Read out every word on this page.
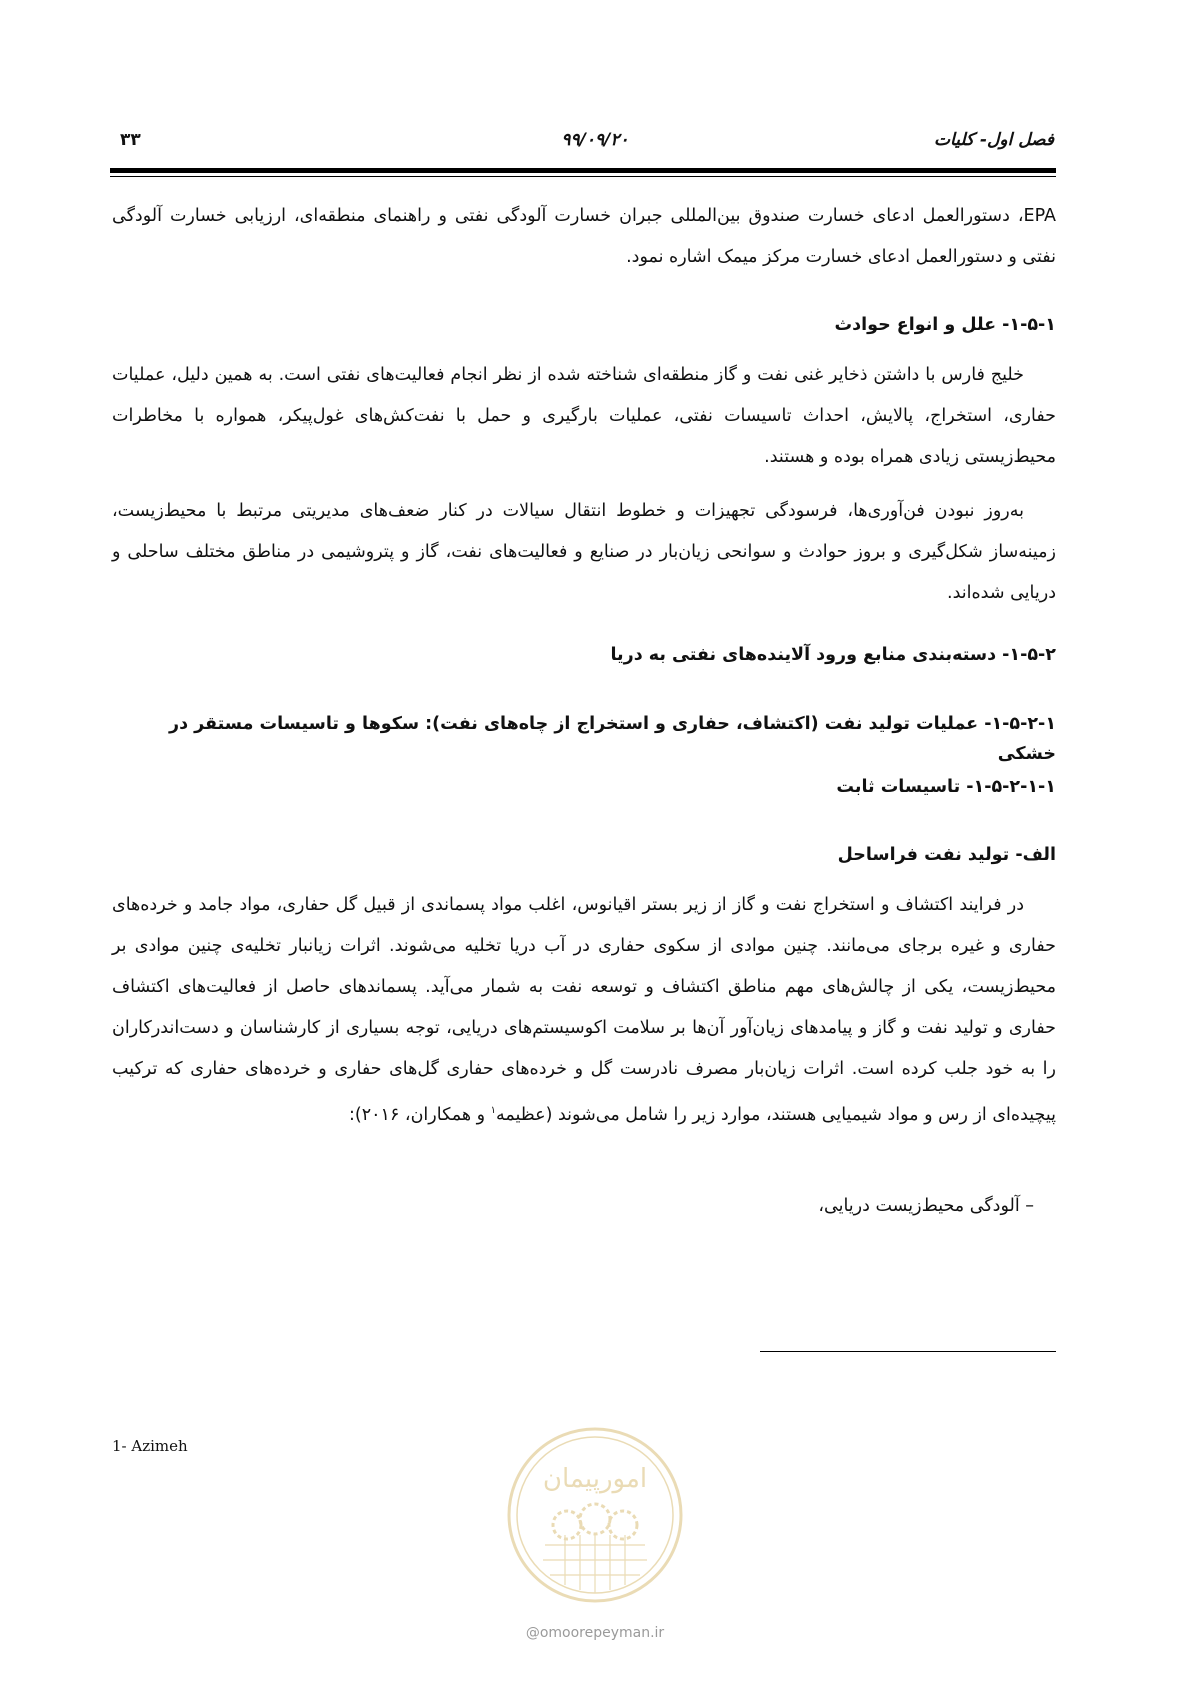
فصل اول- کلیات
۹۹/۰۹/۲۰
۳۳

EPA، دستورالعمل ادعای خسارت صندوق بین‌المللی جبران خسارت آلودگی نفتی و راهنمای منطقه‌ای، ارزیابی خسارت آلودگی نفتی و دستورالعمل ادعای خسارت مرکز میمک اشاره نمود.

۱-۵-۱- علل و انواع حوادث

خلیج فارس با داشتن ذخایر غنی نفت و گاز منطقه‌ای شناخته شده از نظر انجام فعالیت‌های نفتی است. به همین دلیل، عملیات حفاری، استخراج، پالایش، احداث تاسیسات نفتی، عملیات بارگیری و حمل با نفت‌کش‌های غول‌پیکر، همواره با مخاطرات محیط‌زیستی زیادی همراه بوده و هستند.

به‌روز نبودن فن‌آوری‌ها، فرسودگی تجهیزات و خطوط انتقال سیالات در کنار ضعف‌های مدیریتی مرتبط با محیط‌زیست، زمینه‌ساز شکل‌گیری و بروز حوادث و سوانحی زیان‌بار در صنایع و فعالیت‌های نفت، گاز و پتروشیمی در مناطق مختلف ساحلی و دریایی شده‌اند.

۱-۵-۲- دسته‌بندی منابع ورود آلاینده‌های نفتی به دریا

۱-۵-۲-۱- عملیات تولید نفت (اکتشاف، حفاری و استخراج از چاه‌های نفت): سکوها و تاسیسات مستقر در خشکی

۱-۵-۲-۱-۱- تاسیسات ثابت

الف- تولید نفت فراساحل

در فرایند اکتشاف و استخراج نفت و گاز از زیر بستر اقیانوس، اغلب مواد پسماندی از قبیل گل حفاری، مواد جامد و خرده‌های حفاری و غیره برجای می‌مانند. چنین موادی از سکوی حفاری در آب دریا تخلیه می‌شوند. اثرات زیانبار تخلیه‌ی چنین موادی بر محیط‌زیست، یکی از چالش‌های مهم مناطق اکتشاف و توسعه نفت به شمار می‌آید. پسماندهای حاصل از فعالیت‌های اکتشاف حفاری و تولید نفت و گاز و پیامدهای زیان‌آور آن‌ها بر سلامت اکوسیستم‌های دریایی، توجه بسیاری از کارشناسان و دست‌اندرکاران را به خود جلب کرده است. اثرات زیان‌بار مصرف نادرست گل و خرده‌های حفاری گل‌های حفاری و خرده‌های حفاری که ترکیب پیچیده‌ای از رس و مواد شیمیایی هستند، موارد زیر را شامل می‌شوند (عظیمه$^۱$ و همکاران، ۲۰۱۶):

– آلودگی محیط‌زیست دریایی،

1- Azimeh
امورپیمان
@omoorepeyman.ir
